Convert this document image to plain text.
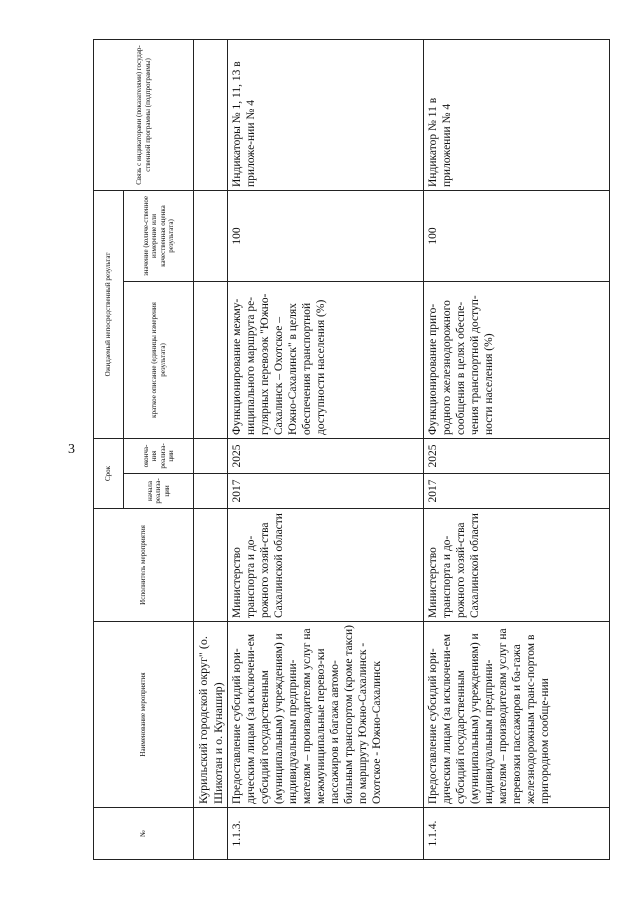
3
№	Наименование мероприятия	Исполнитель мероприятия	Срок		Ожидаемый непосредственный результат		Связь с индикаторами (показателями) государ-ственной программы (подпрограммы)
			начала реализа-ции	оконча-ния реализа-ции	краткое описание (единицы измерения результата)	значение (количе-ственное измерение или качественная оценка результата)	
	Курильский городской округ" (о. Шикотан и о. Кунашир)						
1.1.3.	Предоставление субсидий юри-дическим лицам (за исключени-ем субсидий государственным (муниципальным) учреждениям) и индивидуальным предприни-мателям – производителям услуг на межмуниципальные перевоз-ки пассажиров и багажа автомо-бильным транспортом (кроме такси) по маршруту Южно-Сахалинск - Охотское - Южно-Сахалинск	Министерство транспорта и до-рожного хозяй-ства Сахалинской области	2017	2025	Функционирование межму-ниципального маршрута ре-гулярных перевозок "Южно-Сахалинск – Охотское – Южно-Сахалинск" в целях обеспечения транспортной доступности населения (%)	100	Индикаторы № 1, 11, 13 в приложе-нии № 4
1.1.4.	Предоставление субсидий юри-дическим лицам (за исключени-ем субсидий государственным (муниципальным) учреждениям) и индивидуальным предприни-мателям – производителям услуг на перевозки пассажиров и ба-гажа железнодорожным транс-портом в пригородном сообще-нии	Министерство транспорта и до-рожного хозяй-ства Сахалинской области	2017	2025	Функционирование приго-родного железнодорожного сообщения в целях обеспе-чения транспортной доступ-ности населения (%)	100	Индикатор № 11 в приложении № 4
